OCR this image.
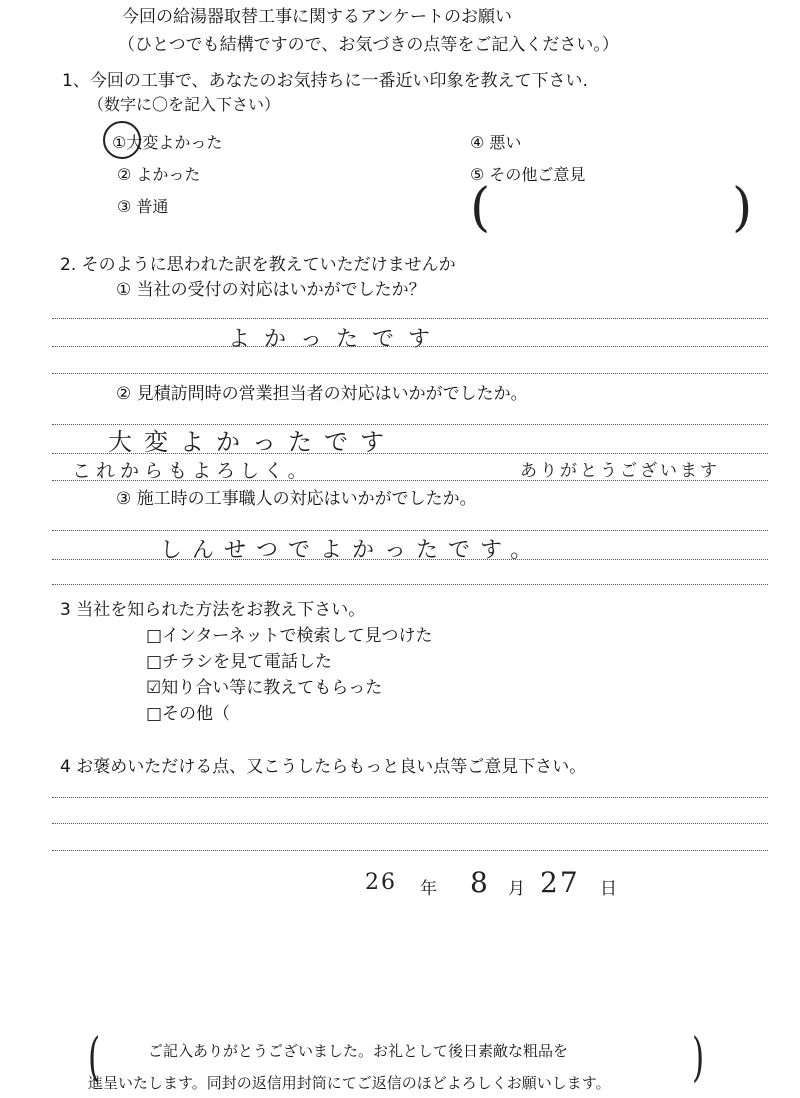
今回の給湯器取替工事に関するアンケートのお願い
（ひとつでも結構ですので、お気づきの点等をご記入ください。）
1、今回の工事で、あなたのお気持ちに一番近い印象を教えて下さい.
（数字に〇を記入下さい）
①大変よかった
② よかった
③ 普通
④ 悪い
⑤ その他ご意見
(	)
2. そのように思われた訳を教えていただけませんか
① 当社の受付の対応はいかがでしたか？
よかったです
② 見積訪問時の営業担当者の対応はいかがでしたか。
大変よかったです
これからもよろしく。	ありがとうございます
③ 施工時の工事職人の対応はいかがでしたか。
しんせつでよかったです。
3 当社を知られた方法をお教え下さい。
□インターネットで検索して見つけた
□チラシを見て電話した
☑知り合い等に教えてもらった
□その他（
4 お褒めいただける点、又こうしたらもっと良い点等ご意見下さい。
26 年 8 月 27 日
(	ご記入ありがとうございました。お礼として後日素敵な粗品を
進呈いたします。同封の返信用封筒にてご返信のほどよろしくお願いします。 )
